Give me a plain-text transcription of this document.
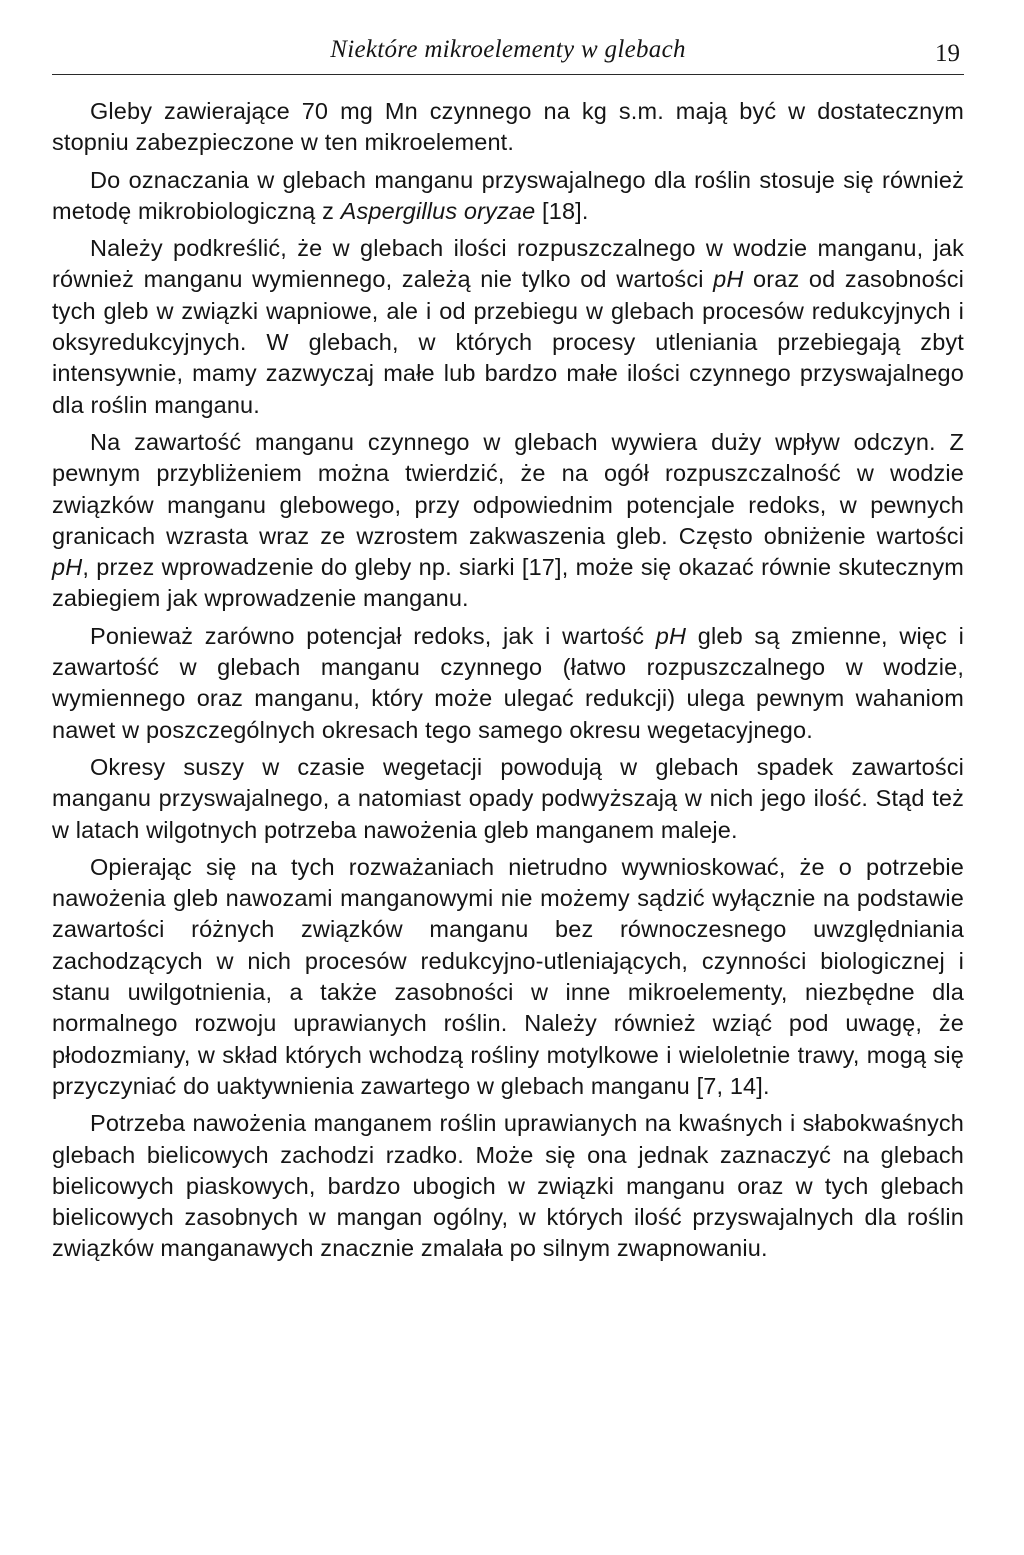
Niektóre mikroelementy w glebach	19

Gleby zawierające 70 mg Mn czynnego na kg s.m. mają być w dostatecznym stopniu zabezpieczone w ten mikroelement.

Do oznaczania w glebach manganu przyswajalnego dla roślin stosuje się również metodę mikrobiologiczną z Aspergillus oryzae [18].

Należy podkreślić, że w glebach ilości rozpuszczalnego w wodzie manganu, jak również manganu wymiennego, zależą nie tylko od wartości pH oraz od zasobności tych gleb w związki wapniowe, ale i od przebiegu w glebach procesów redukcyjnych i oksyredukcyjnych. W glebach, w których procesy utleniania przebiegają zbyt intensywnie, mamy zazwyczaj małe lub bardzo małe ilości czynnego przyswajalnego dla roślin manganu.

Na zawartość manganu czynnego w glebach wywiera duży wpływ odczyn. Z pewnym przybliżeniem można twierdzić, że na ogół rozpuszczalność w wodzie związków manganu glebowego, przy odpowiednim potencjale redoks, w pewnych granicach wzrasta wraz ze wzrostem zakwaszenia gleb. Często obniżenie wartości pH, przez wprowadzenie do gleby np. siarki [17], może się okazać równie skutecznym zabiegiem jak wprowadzenie manganu.

Ponieważ zarówno potencjał redoks, jak i wartość pH gleb są zmienne, więc i zawartość w glebach manganu czynnego (łatwo rozpuszczalnego w wodzie, wymiennego oraz manganu, który może ulegać redukcji) ulega pewnym wahaniom nawet w poszczególnych okresach tego samego okresu wegetacyjnego.

Okresy suszy w czasie wegetacji powodują w glebach spadek zawartości manganu przyswajalnego, a natomiast opady podwyższają w nich jego ilość. Stąd też w latach wilgotnych potrzeba nawożenia gleb manganem maleje.

Opierając się na tych rozważaniach nietrudno wywnioskować, że o potrzebie nawożenia gleb nawozami manganowymi nie możemy sądzić wyłącznie na podstawie zawartości różnych związków manganu bez równoczesnego uwzględniania zachodzących w nich procesów redukcyjno-utleniających, czynności biologicznej i stanu uwilgotnienia, a także zasobności w inne mikroelementy, niezbędne dla normalnego rozwoju uprawianych roślin. Należy również wziąć pod uwagę, że płodozmiany, w skład których wchodzą rośliny motylkowe i wieloletnie trawy, mogą się przyczyniać do uaktywnienia zawartego w glebach manganu [7, 14].

Potrzeba nawożenia manganem roślin uprawianych na kwaśnych i słabokwaśnych glebach bielicowych zachodzi rzadko. Może się ona jednak zaznaczyć na glebach bielicowych piaskowych, bardzo ubogich w związki manganu oraz w tych glebach bielicowych zasobnych w mangan ogólny, w których ilość przyswajalnych dla roślin związków manganawych znacznie zmalała po silnym zwapnowaniu.
